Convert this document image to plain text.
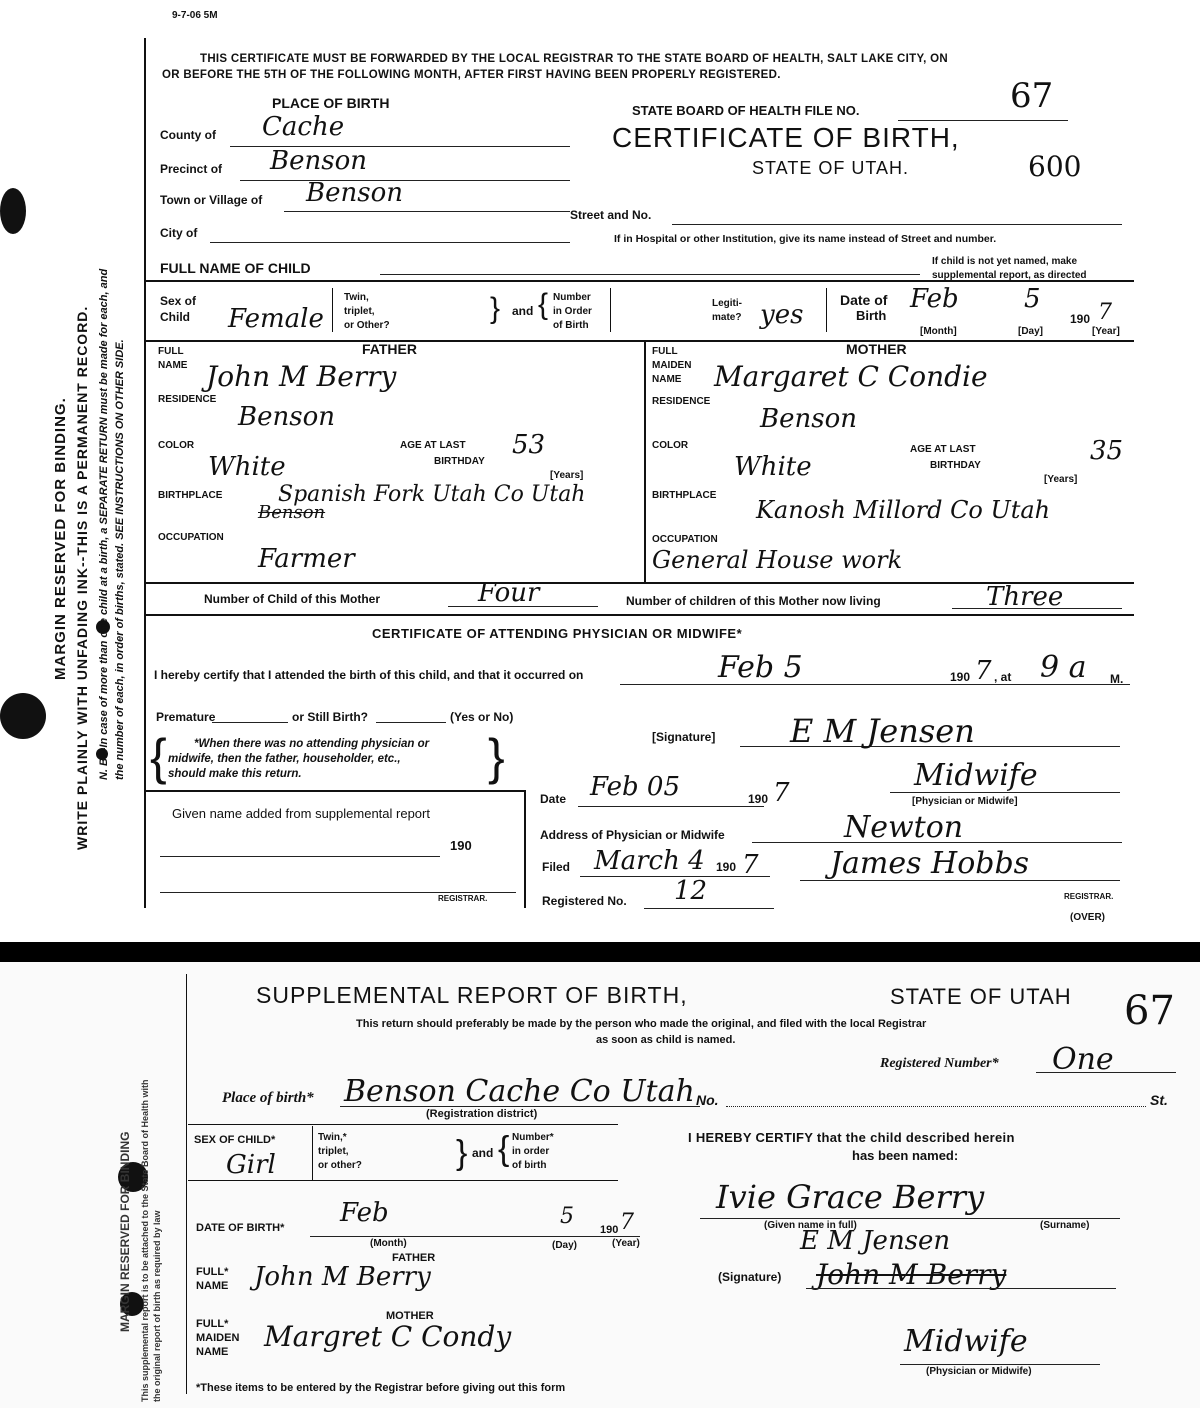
9-7-06 5M
MARGIN RESERVED FOR BINDING. WRITE PLAINLY WITH UNFADING INK--THIS IS A PERMANENT RECORD. N. B.--In case of more than one child at a birth, a SEPARATE RETURN must be made for each, and the number of each, in order of births, stated. SEE INSTRUCTIONS ON OTHER SIDE.
THIS CERTIFICATE MUST BE FORWARDED BY THE LOCAL REGISTRAR TO THE STATE BOARD OF HEALTH, SALT LAKE CITY, ON
OR BEFORE THE 5TH OF THE FOLLOWING MONTH, AFTER FIRST HAVING BEEN PROPERLY REGISTERED.
PLACE OF BIRTH
County of Cache
Precinct of Benson
Town or Village of Benson
City of
STATE BOARD OF HEALTH FILE NO.	67
CERTIFICATE OF BIRTH,
STATE OF UTAH.	600
Street and No.
If in Hospital or other Institution, give its name instead of Street and number.
FULL NAME OF CHILD	If child is not yet named, make
supplemental report, as directed
Sex of
Child Female
Twin,
triplet,
or Other?
} and { Number
in Order
of Birth
Legiti-
mate? yes	Date of
Birth
Feb	5
190 7
[Month]	[Day]	[Year]
FATHER
FULL
NAME John M Berry
RESIDENCE
Benson
COLOR
White
AGE AT LAST
BIRTHDAY
53
[Years]
BIRTHPLACE	Spanish Fork Utah Co Utah
Benson
OCCUPATION
Farmer
MOTHER
FULL
MAIDEN
NAME Margaret C Condie
RESIDENCE
Benson
COLOR
White
AGE AT LAST
BIRTHDAY	35
[Years]
BIRTHPLACE
Kanosh Millord Co Utah
OCCUPATION
General House work
Number of Child of this Mother	Four	Number of children of this Mother now living	Three
CERTIFICATE OF ATTENDING PHYSICIAN OR MIDWIFE*
I hereby certify that I attended the birth of this child, and that it occurred on	Feb 5	190 7 , at 9 a M.
Premature	or Still Birth?	(Yes or No)
{	}
*When there was no attending physician or
midwife, then the father, householder, etc.,
should make this return.
[Signature] E M Jensen
Midwife
[Physician or Midwife]
Date Feb 05	190 7
Given name added from supplemental report
190
REGISTRAR.
Address of Physician or Midwife	Newton
Filed March 4 190 7 James Hobbs
REGISTRAR.
Registered No. 12
(OVER)
MARGIN RESERVED FOR BINDING This supplemental report is to be attached to the State Board of Health with the original report of birth as required by law
SUPPLEMENTAL REPORT OF BIRTH,	STATE OF UTAH 67
This return should preferably be made by the person who made the original, and filed with the local Registrar
as soon as child is named.
Registered Number* One
Place of birth* Benson Cache Co Utah No.	St.
(Registration district)
SEX OF CHILD*
Girl
Twin,*
triplet,
or other?	} and { Number*
in order
of birth
DATE OF BIRTH* Feb	5
190 7
(Month)	(Day)	(Year)
FATHER
FULL*
NAME John M Berry
MOTHER
FULL*
MAIDEN
NAME Margret C Condy
*These items to be entered by the Registrar before giving out this form
I HEREBY CERTIFY that the child described herein
has been named:
Ivie Grace Berry
(Given name in full)	(Surname)
E M Jensen
(Signature) John M Berry
Midwife
(Physician or Midwife)
